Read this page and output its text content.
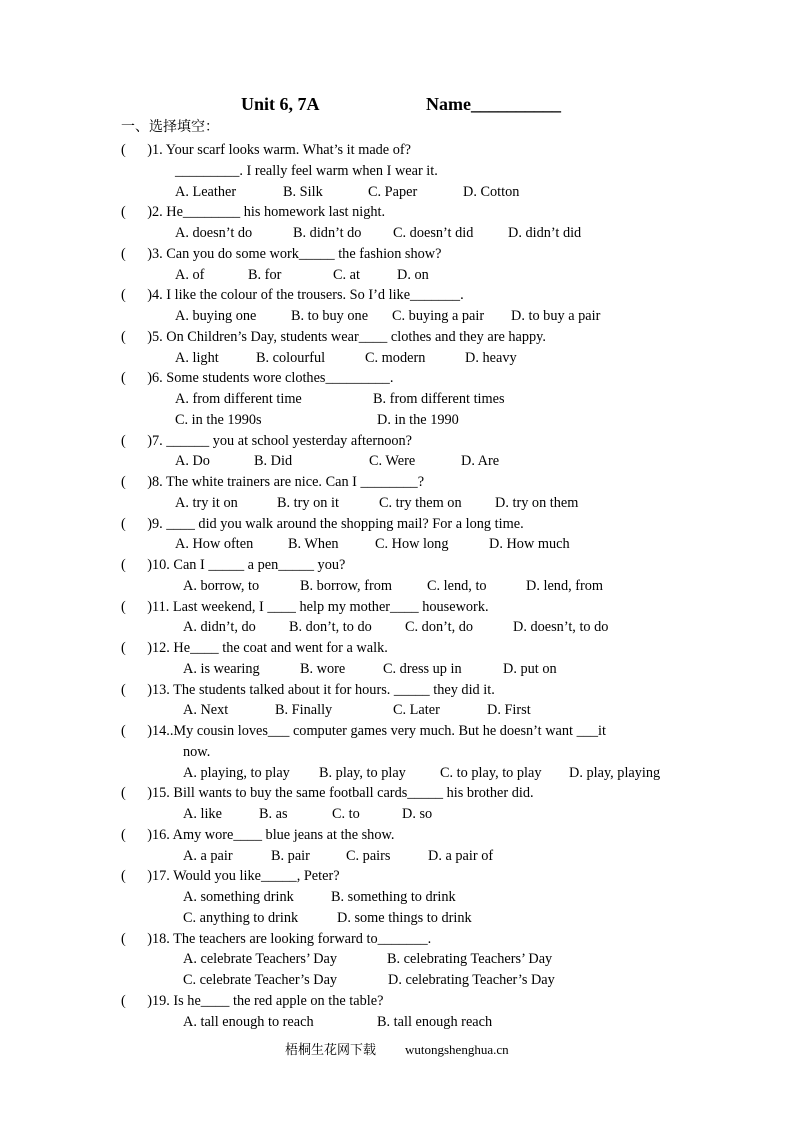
Unit 6, 7A	Name__________
一、选择填空：
(      )1. Your scarf looks warm. What’s it made of?
_________. I really feel warm when I wear it.
A. Leather	B. Silk	C. Paper	D. Cotton
(      )2. He________ his homework last night.
A. doesn’t do	B. didn’t do C. doesn’t did D. didn’t did
(      )3. Can you do some work_____ the fashion show?
A. of	B. for	C. at	D. on
(      )4. I like the colour of the trousers. So I’d like_______.
A. buying one B. to buy one C. buying a pair D. to buy a pair
(      )5. On Children’s Day, students wear____ clothes and they are happy.
A. light	B. colourful	C. modern	D. heavy
(      )6. Some students wore clothes_________.
A. from different time	B. from different times
C. in the 1990s	D. in the 1990
(      )7. ______ you at school yesterday afternoon?
A. Do	B. Did	C. Were	D. Are
(      )8. The white trainers are nice. Can I ________?
A. try it on	B. try on it	C. try them on D. try on them
(      )9. ____ did you walk around the shopping mail? For a long time.
A. How often B. When	C. How long	D. How much
(      )10. Can I _____ a pen_____ you?
A. borrow, to	B. borrow, from C. lend, to	D. lend, from
(      )11. Last weekend, I ____ help my mother____ housework.
A. didn’t, do B. don’t, to do C. don’t, do	D. doesn’t, to do
(      )12. He____ the coat and went for a walk.
A. is wearing	B. wore	C. dress up in	D. put on
(      )13. The students talked about it for hours. _____ they did it.
A. Next	B. Finally	C. Later	D. First
(      )14..My cousin loves___ computer games very much. But he doesn’t want ___it
now.
A. playing, to play B. play, to play C. to play, to play D. play, playing
(      )15. Bill wants to buy the same football cards_____ his brother did.
A. like	B. as	C. to	D. so
(      )16. Amy wore____ blue jeans at the show.
A. a pair	B. pair	C. pairs	D. a pair of
(      )17. Would you like_____, Peter?
A. something drink	B. something to drink
C. anything to drink	D. some things to drink
(      )18. The teachers are looking forward to_______.
A. celebrate Teachers’ Day	B. celebrating Teachers’ Day
C. celebrate Teacher’s Day	D. celebrating Teacher’s Day
(      )19. Is he____ the red apple on the table?
A. tall enough to reach	B. tall enough reach
梧桐生花网下载 wutongshenghua.cn
